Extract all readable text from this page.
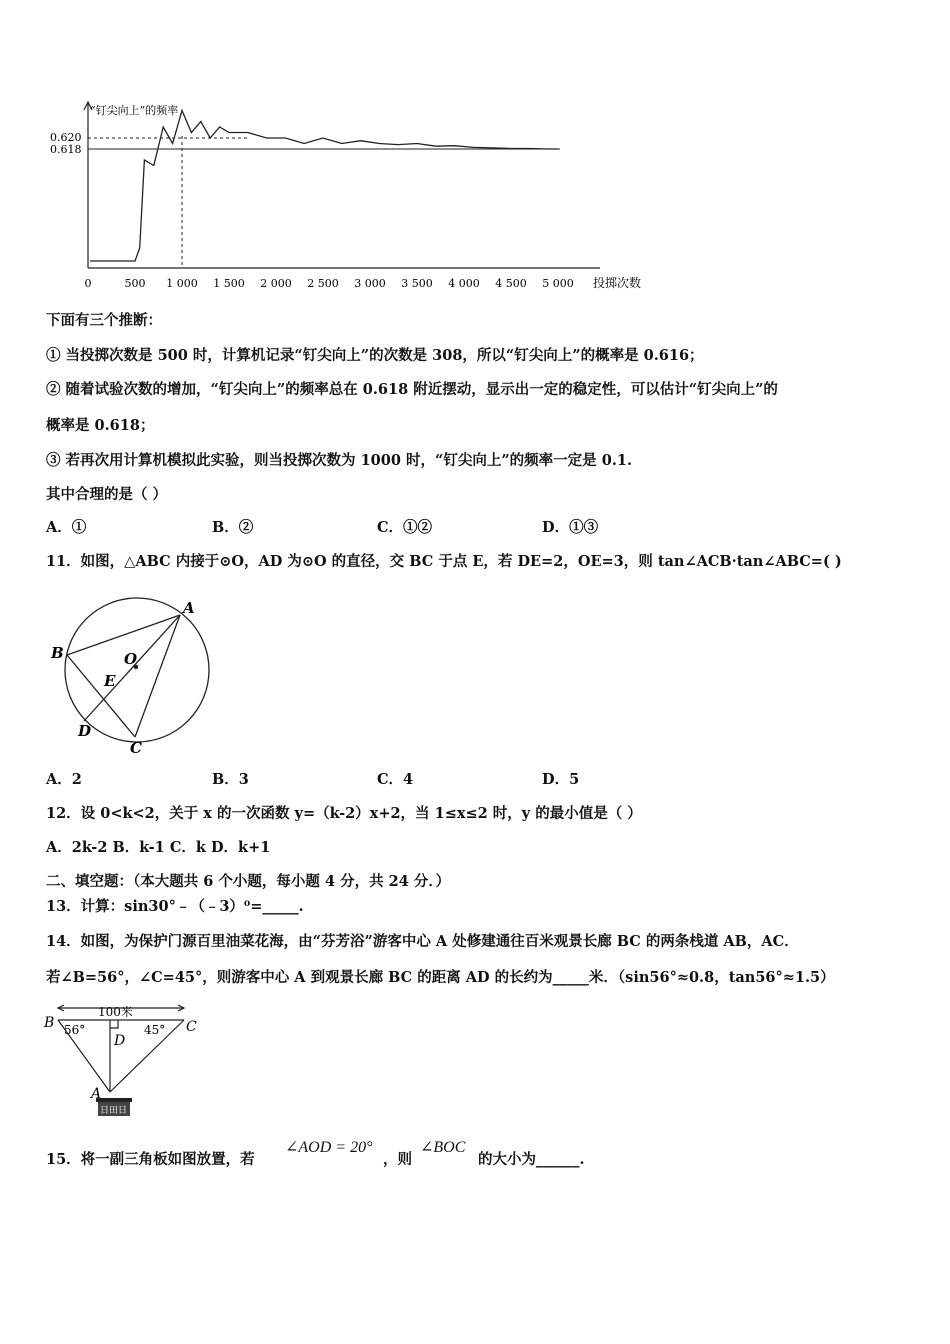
“钉尖向上”的频率
0.620
0.618
0	500 1 000 1 500 2 000 2 500 3 000 3 500 4 000 4 500 5 000 投掷次数
下面有三个推断：
① 当投掷次数是 500 时，计算机记录“钉尖向上”的次数是 308，所以“钉尖向上”的概率是 0.616；
② 随着试验次数的增加，“钉尖向上”的频率总在 0.618 附近摆动，显示出一定的稳定性，可以估计“钉尖向上”的
概率是 0.618；
③ 若再次用计算机模拟此实验，则当投掷次数为 1000 时，“钉尖向上”的频率一定是 0.1.
其中合理的是（ ）
A．①	B．②	C．①②	D．①③
11．如图，△ABC 内接于⊙O，AD 为⊙O 的直径，交 BC 于点 E，若 DE=2，OE=3，则 tan∠ACB·tan∠ABC=( )
A
B	O
E
D
C
A．2	B．3	C．4	D．5
12．设 0<k<2，关于 x 的一次函数 y=（k-2）x+2，当 1≤x≤2 时，y 的最小值是（ ）
A．2k-2 B．k-1 C．k D．k+1
二、填空题：（本大题共 6 个小题，每小题 4 分，共 24 分．）
13．计算：sin30°﹣（﹣3）⁰=_____.
14．如图，为保护门源百里油菜花海，由“芬芳浴”游客中心 A 处修建通往百米观景长廊 BC 的两条栈道 AB，AC．
若∠B=56°，∠C=45°，则游客中心 A 到观景长廊 BC 的距离 AD 的长约为_____米．（sin56°≈0.8，tan56°≈1.5）
日田日
100米
56°	45°
B	C
D
A
15．将一副三角板如图放置，若
∠AOD = 20°
，则
∠BOC
的大小为______.
